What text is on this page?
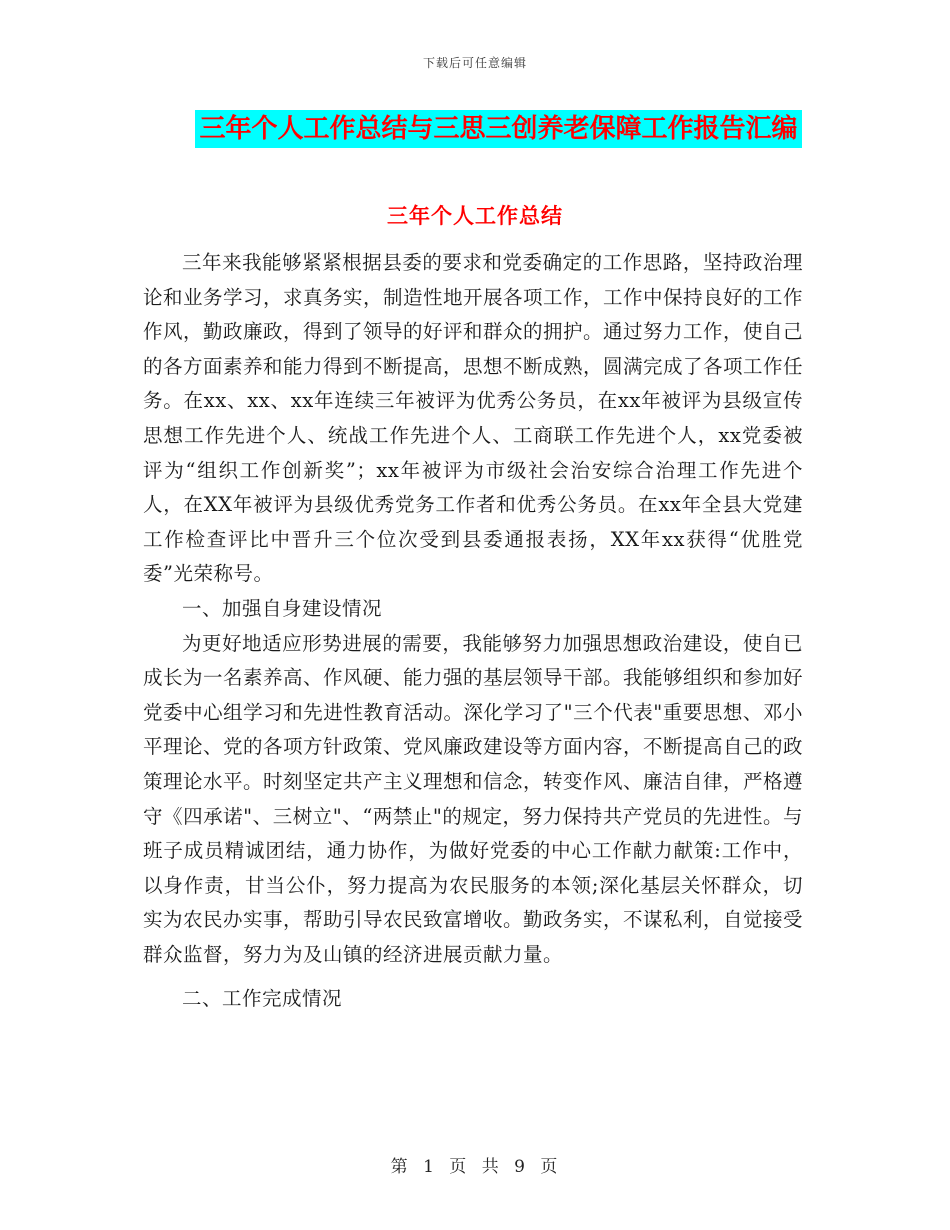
下载后可任意编辑
三年个人工作总结与三思三创养老保障工作报告汇编
三年个人工作总结

三年来我能够紧紧根据县委的要求和党委确定的工作思路，坚持政治理论和业务学习，求真务实，制造性地开展各项工作，工作中保持良好的工作作风，勤政廉政，得到了领导的好评和群众的拥护。通过努力工作，使自己的各方面素养和能力得到不断提高，思想不断成熟，圆满完成了各项工作任务。在xx、xx、xx年连续三年被评为优秀公务员，在xx年被评为县级宣传思想工作先进个人、统战工作先进个人、工商联工作先进个人，xx党委被评为“组织工作创新奖”；xx年被评为市级社会治安综合治理工作先进个人，在XX年被评为县级优秀党务工作者和优秀公务员。在xx年全县大党建工作检查评比中晋升三个位次受到县委通报表扬，XX年xx获得“优胜党委”光荣称号。

一、加强自身建设情况

为更好地适应形势进展的需要，我能够努力加强思想政治建设，使自已成长为一名素养高、作风硬、能力强的基层领导干部。我能够组织和参加好党委中心组学习和先进性教育活动。深化学习了"三个代表"重要思想、邓小平理论、党的各项方针政策、党风廉政建设等方面内容，不断提高自己的政策理论水平。时刻坚定共产主义理想和信念，转变作风、廉洁自律，严格遵守《四承诺"、三树立"、“两禁止"的规定，努力保持共产党员的先进性。与班子成员精诚团结，通力协作，为做好党委的中心工作献力献策:工作中，以身作责，甘当公仆，努力提高为农民服务的本领;深化基层关怀群众，切实为农民办实事，帮助引导农民致富增收。勤政务实，不谋私利，自觉接受群众监督，努力为及山镇的经济进展贡献力量。

二、工作完成情况

第 1 页 共 9 页
